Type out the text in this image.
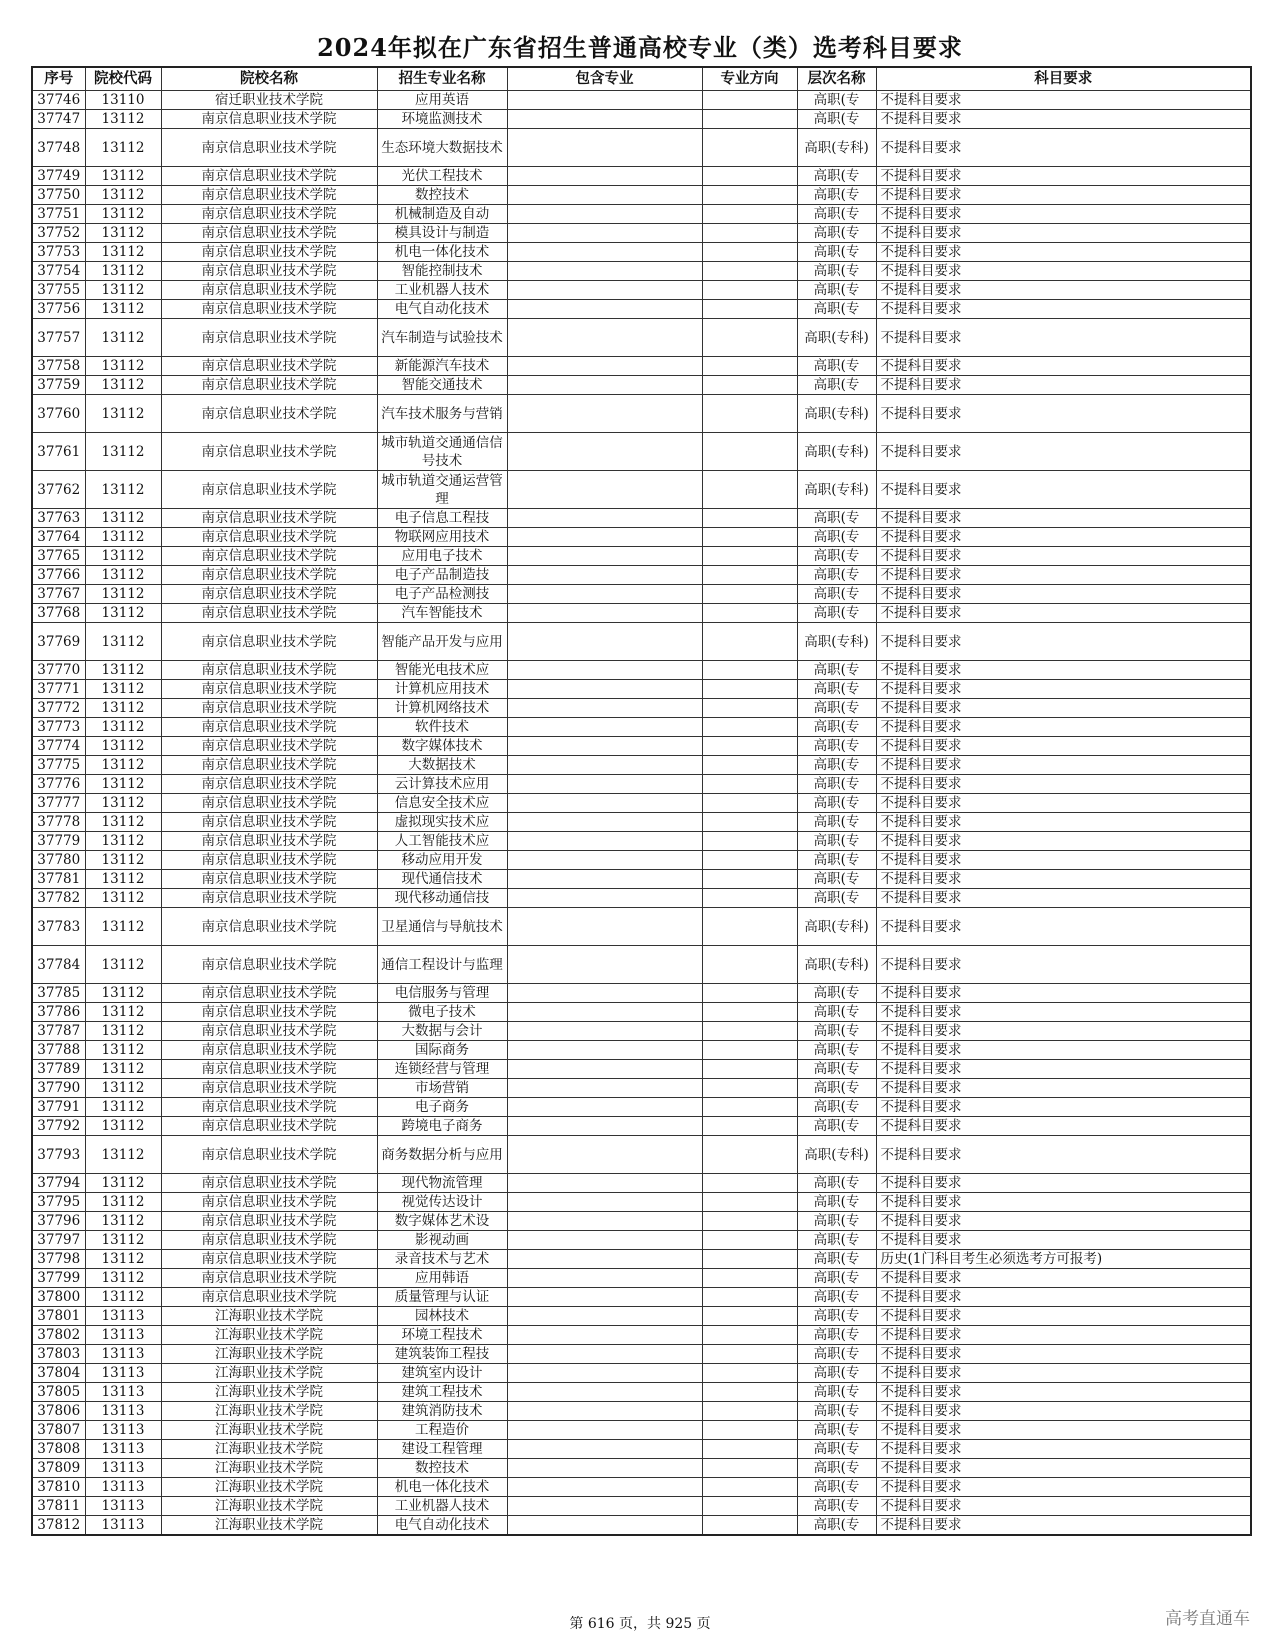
2024年拟在广东省招生普通高校专业（类）选考科目要求
序号	院校代码	院校名称	招生专业名称	包含专业	专业方向	层次名称	科目要求
37746	13110	宿迁职业技术学院	应用英语			高职(专	不提科目要求
37747	13112	南京信息职业技术学院	环境监测技术			高职(专	不提科目要求
37748	13112	南京信息职业技术学院	生态环境大数据技术			高职(专科)	不提科目要求
37749	13112	南京信息职业技术学院	光伏工程技术			高职(专	不提科目要求
37750	13112	南京信息职业技术学院	数控技术			高职(专	不提科目要求
37751	13112	南京信息职业技术学院	机械制造及自动			高职(专	不提科目要求
37752	13112	南京信息职业技术学院	模具设计与制造			高职(专	不提科目要求
37753	13112	南京信息职业技术学院	机电一体化技术			高职(专	不提科目要求
37754	13112	南京信息职业技术学院	智能控制技术			高职(专	不提科目要求
37755	13112	南京信息职业技术学院	工业机器人技术			高职(专	不提科目要求
37756	13112	南京信息职业技术学院	电气自动化技术			高职(专	不提科目要求
37757	13112	南京信息职业技术学院	汽车制造与试验技术			高职(专科)	不提科目要求
37758	13112	南京信息职业技术学院	新能源汽车技术			高职(专	不提科目要求
37759	13112	南京信息职业技术学院	智能交通技术			高职(专	不提科目要求
37760	13112	南京信息职业技术学院	汽车技术服务与营销			高职(专科)	不提科目要求
37761	13112	南京信息职业技术学院	城市轨道交通通信信号技术			高职(专科)	不提科目要求
37762	13112	南京信息职业技术学院	城市轨道交通运营管理			高职(专科)	不提科目要求
37763	13112	南京信息职业技术学院	电子信息工程技			高职(专	不提科目要求
37764	13112	南京信息职业技术学院	物联网应用技术			高职(专	不提科目要求
37765	13112	南京信息职业技术学院	应用电子技术			高职(专	不提科目要求
37766	13112	南京信息职业技术学院	电子产品制造技			高职(专	不提科目要求
37767	13112	南京信息职业技术学院	电子产品检测技			高职(专	不提科目要求
37768	13112	南京信息职业技术学院	汽车智能技术			高职(专	不提科目要求
37769	13112	南京信息职业技术学院	智能产品开发与应用			高职(专科)	不提科目要求
37770	13112	南京信息职业技术学院	智能光电技术应			高职(专	不提科目要求
37771	13112	南京信息职业技术学院	计算机应用技术			高职(专	不提科目要求
37772	13112	南京信息职业技术学院	计算机网络技术			高职(专	不提科目要求
37773	13112	南京信息职业技术学院	软件技术			高职(专	不提科目要求
37774	13112	南京信息职业技术学院	数字媒体技术			高职(专	不提科目要求
37775	13112	南京信息职业技术学院	大数据技术			高职(专	不提科目要求
37776	13112	南京信息职业技术学院	云计算技术应用			高职(专	不提科目要求
37777	13112	南京信息职业技术学院	信息安全技术应			高职(专	不提科目要求
37778	13112	南京信息职业技术学院	虚拟现实技术应			高职(专	不提科目要求
37779	13112	南京信息职业技术学院	人工智能技术应			高职(专	不提科目要求
37780	13112	南京信息职业技术学院	移动应用开发			高职(专	不提科目要求
37781	13112	南京信息职业技术学院	现代通信技术			高职(专	不提科目要求
37782	13112	南京信息职业技术学院	现代移动通信技			高职(专	不提科目要求
37783	13112	南京信息职业技术学院	卫星通信与导航技术			高职(专科)	不提科目要求
37784	13112	南京信息职业技术学院	通信工程设计与监理			高职(专科)	不提科目要求
37785	13112	南京信息职业技术学院	电信服务与管理			高职(专	不提科目要求
37786	13112	南京信息职业技术学院	微电子技术			高职(专	不提科目要求
37787	13112	南京信息职业技术学院	大数据与会计			高职(专	不提科目要求
37788	13112	南京信息职业技术学院	国际商务			高职(专	不提科目要求
37789	13112	南京信息职业技术学院	连锁经营与管理			高职(专	不提科目要求
37790	13112	南京信息职业技术学院	市场营销			高职(专	不提科目要求
37791	13112	南京信息职业技术学院	电子商务			高职(专	不提科目要求
37792	13112	南京信息职业技术学院	跨境电子商务			高职(专	不提科目要求
37793	13112	南京信息职业技术学院	商务数据分析与应用			高职(专科)	不提科目要求
37794	13112	南京信息职业技术学院	现代物流管理			高职(专	不提科目要求
37795	13112	南京信息职业技术学院	视觉传达设计			高职(专	不提科目要求
37796	13112	南京信息职业技术学院	数字媒体艺术设			高职(专	不提科目要求
37797	13112	南京信息职业技术学院	影视动画			高职(专	不提科目要求
37798	13112	南京信息职业技术学院	录音技术与艺术			高职(专	历史(1门科目考生必须选考方可报考)
37799	13112	南京信息职业技术学院	应用韩语			高职(专	不提科目要求
37800	13112	南京信息职业技术学院	质量管理与认证			高职(专	不提科目要求
37801	13113	江海职业技术学院	园林技术			高职(专	不提科目要求
37802	13113	江海职业技术学院	环境工程技术			高职(专	不提科目要求
37803	13113	江海职业技术学院	建筑装饰工程技			高职(专	不提科目要求
37804	13113	江海职业技术学院	建筑室内设计			高职(专	不提科目要求
37805	13113	江海职业技术学院	建筑工程技术			高职(专	不提科目要求
37806	13113	江海职业技术学院	建筑消防技术			高职(专	不提科目要求
37807	13113	江海职业技术学院	工程造价			高职(专	不提科目要求
37808	13113	江海职业技术学院	建设工程管理			高职(专	不提科目要求
37809	13113	江海职业技术学院	数控技术			高职(专	不提科目要求
37810	13113	江海职业技术学院	机电一体化技术			高职(专	不提科目要求
37811	13113	江海职业技术学院	工业机器人技术			高职(专	不提科目要求
37812	13113	江海职业技术学院	电气自动化技术			高职(专	不提科目要求
第 616 页，共 925 页	高考直通车
